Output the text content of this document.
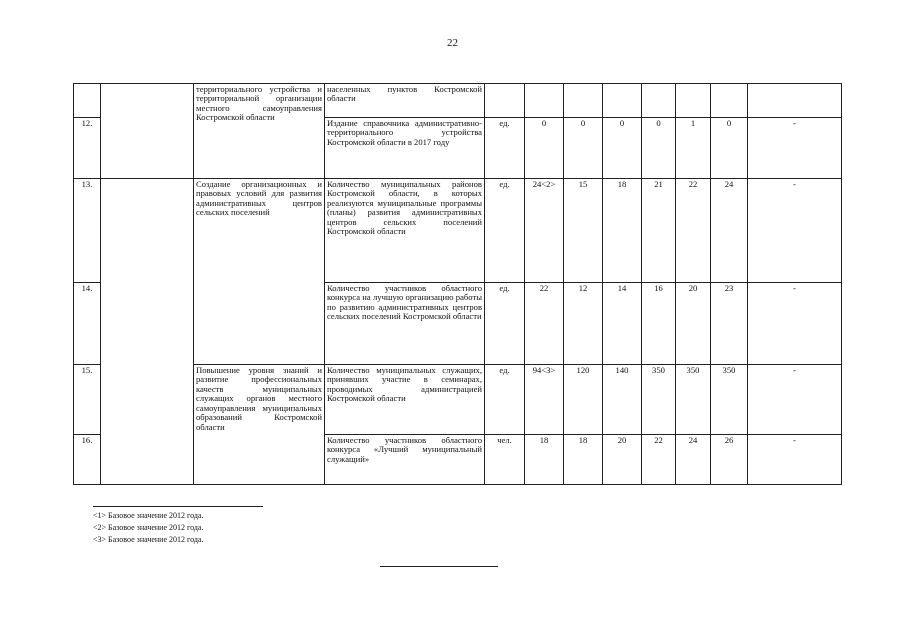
22
		территориального устройства и территориальной организации местного самоуправления Костромской области	населенных пунктов Костромской области								
12.			Издание справочника административно-территориального устройства Костромской области в 2017 году	ед.	0	0	0	0	1	0	-
13.		Создание организационных и правовых условий для развития административных центров сельских поселений	Количество муниципальных районов Костромской области, в которых реализуются муниципальные программы (планы) развития административных центров сельских поселений Костромской области	ед.	24<2>	15	18	21	22	24	-
14.			Количество участников областного конкурса на лучшую организацию работы по развитию административных центров сельских поселений Костромской области	ед.	22	12	14	16	20	23	-
15.		Повышение уровня знаний и развитие профессиональных качеств муниципальных служащих органов местного самоуправления муниципальных образований Костромской области	Количество муниципальных служащих, принявших участие в семинарах, проводимых администрацией Костромской области	ед.	94<3>	120	140	350	350	350	-
16.			Количество участников областного конкурса «Лучший муниципальный служащий»	чел.	18	18	20	22	24	26	-
<1> Базовое значение 2012 года.
<2> Базовое значение 2012 года.
<3> Базовое значение 2012 года.
